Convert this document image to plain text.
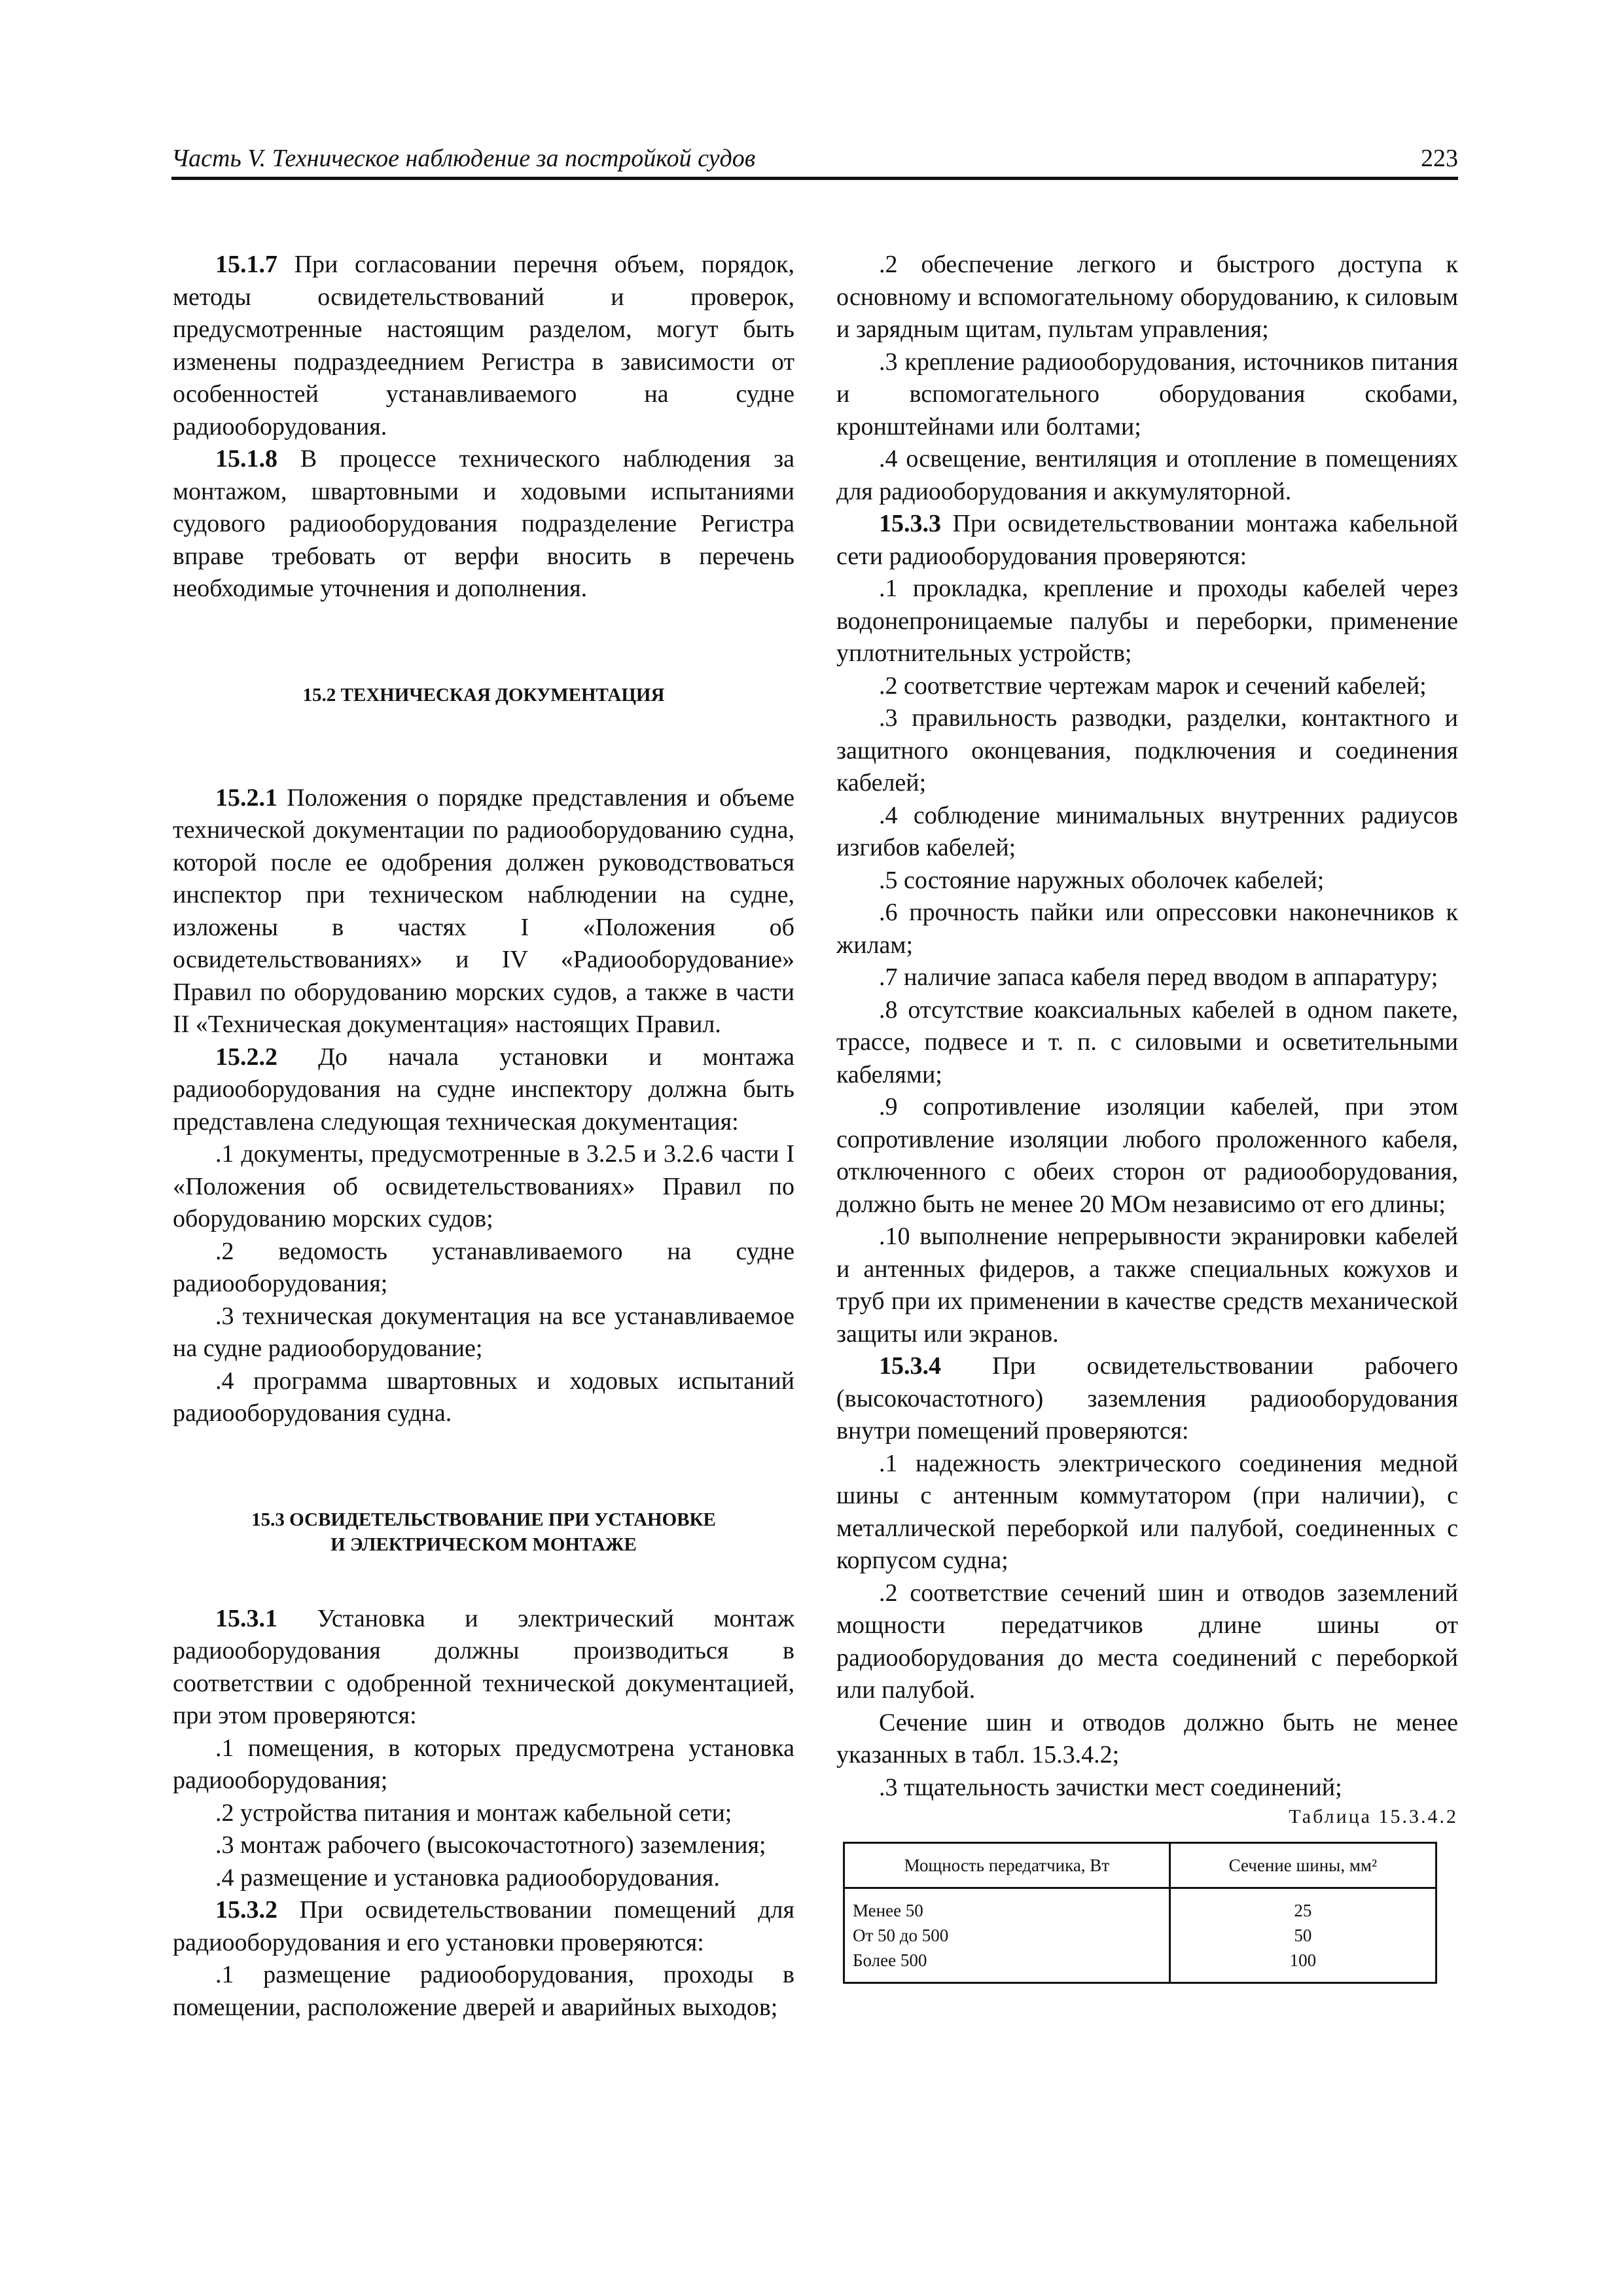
Часть V. Техническое наблюдение за постройкой судов	223

15.1.7 При согласовании перечня объем, порядок, методы освидетельствований и проверок, предусмотренные настоящим разделом, могут быть изменены подраздееднием Регистра в зависимости от особенностей устанавливаемого на судне радиооборудования.

15.1.8 В процессе технического наблюдения за монтажом, швартовными и ходовыми испытаниями судового радиооборудования подразделение Регистра вправе требовать от верфи вносить в перечень необходимые уточнения и дополнения.

15.2 ТЕХНИЧЕСКАЯ ДОКУМЕНТАЦИЯ

15.2.1 Положения о порядке представления и объеме технической документации по радиооборудованию судна, которой после ее одобрения должен руководствоваться инспектор при техническом наблюдении на судне, изложены в частях I «Положения об освидетельствованиях» и IV «Радиооборудование» Правил по оборудованию морских судов, а также в части II «Техническая документация» настоящих Правил.

15.2.2 До начала установки и монтажа радиооборудования на судне инспектору должна быть представлена следующая техническая документация:

.1 документы, предусмотренные в 3.2.5 и 3.2.6 части I «Положения об освидетельствованиях» Правил по оборудованию морских судов;

.2 ведомость устанавливаемого на судне радиооборудования;

.3 техническая документация на все устанавливаемое на судне радиооборудование;

.4 программа швартовных и ходовых испытаний радиооборудования судна.

15.3 ОСВИДЕТЕЛЬСТВОВАНИЕ ПРИ УСТАНОВКЕ

И ЭЛЕКТРИЧЕСКОМ МОНТАЖЕ

15.3.1 Установка и электрический монтаж радиооборудования должны производиться в соответствии с одобренной технической документацией, при этом проверяются:

.1 помещения, в которых предусмотрена установка радиооборудования;

.2 устройства питания и монтаж кабельной сети;

.3 монтаж рабочего (высокочастотного) заземления;

.4 размещение и установка радиооборудования.

15.3.2 При освидетельствовании помещений для радиооборудования и его установки проверяются:

.1 размещение радиооборудования, проходы в помещении, расположение дверей и аварийных выходов;

.2 обеспечение легкого и быстрого доступа к основному и вспомогательному оборудованию, к силовым и зарядным щитам, пультам управления;

.3 крепление радиооборудования, источников питания и вспомогательного оборудования скобами, кронштейнами или болтами;

.4 освещение, вентиляция и отопление в помещениях для радиооборудования и аккумуляторной.

15.3.3 При освидетельствовании монтажа кабельной сети радиооборудования проверяются:

.1 прокладка, крепление и проходы кабелей через водонепроницаемые палубы и переборки, применение уплотнительных устройств;

.2 соответствие чертежам марок и сечений кабелей;

.3 правильность разводки, разделки, контактного и защитного оконцевания, подключения и соединения кабелей;

.4 соблюдение минимальных внутренних радиусов изгибов кабелей;

.5 состояние наружных оболочек кабелей;

.6 прочность пайки или опрессовки наконечников к жилам;

.7 наличие запаса кабеля перед вводом в аппаратуру;

.8 отсутствие коаксиальных кабелей в одном пакете, трассе, подвесе и т. п. с силовыми и осветительными кабелями;

.9 сопротивление изоляции кабелей, при этом сопротивление изоляции любого проложенного кабеля, отключенного с обеих сторон от радиооборудования, должно быть не менее 20 МОм независимо от его длины;

.10 выполнение непрерывности экранировки кабелей и антенных фидеров, а также специальных кожухов и труб при их применении в качестве средств механической защиты или экранов.

15.3.4 При освидетельствовании рабочего (высокочастотного) заземления радиооборудования внутри помещений проверяются:

.1 надежность электрического соединения медной шины с антенным коммутатором (при наличии), с металлической переборкой или палубой, соединенных с корпусом судна;

.2 соответствие сечений шин и отводов заземлений мощности передатчиков длине шины от радиооборудования до места соединений с переборкой или палубой.

Сечение шин и отводов должно быть не менее указанных в табл. 15.3.4.2;

.3 тщательность зачистки мест соединений;

Таблица 15.3.4.2

Мощность передатчика, Вт	Сечение шины, мм²
Менее 50	25
От 50 до 500	50
Более 500	100
